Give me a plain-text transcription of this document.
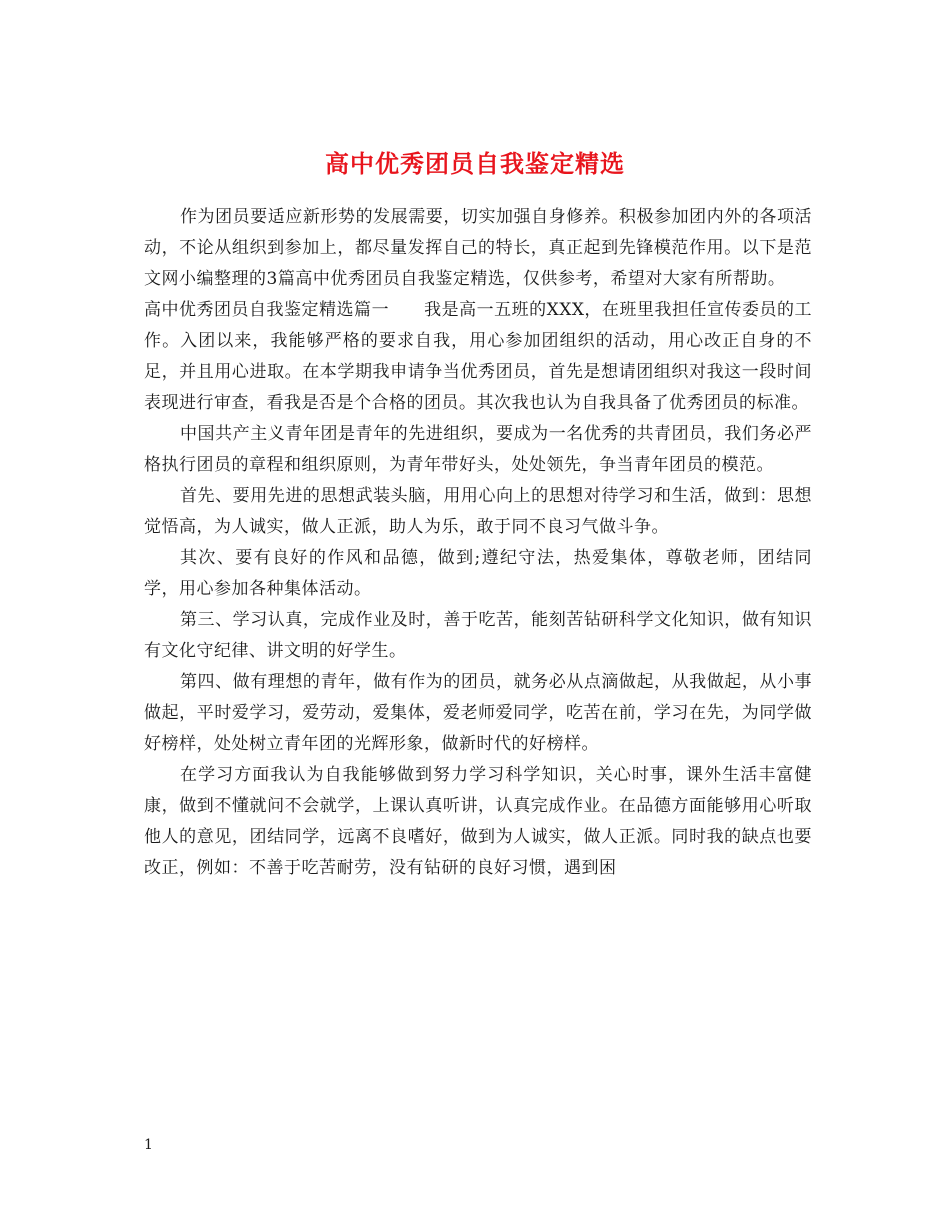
高中优秀团员自我鉴定精选

作为团员要适应新形势的发展需要，切实加强自身修养。积极参加团内外的各项活动，不论从组织到参加上，都尽量发挥自己的特长，真正起到先锋模范作用。以下是范文网小编整理的3篇高中优秀团员自我鉴定精选，仅供参考，希望对大家有所帮助。

高中优秀团员自我鉴定精选篇一　　我是高一五班的XXX，在班里我担任宣传委员的工作。入团以来，我能够严格的要求自我，用心参加团组织的活动，用心改正自身的不足，并且用心进取。在本学期我申请争当优秀团员，首先是想请团组织对我这一段时间表现进行审查，看我是否是个合格的团员。其次我也认为自我具备了优秀团员的标准。

中国共产主义青年团是青年的先进组织，要成为一名优秀的共青团员，我们务必严格执行团员的章程和组织原则，为青年带好头，处处领先，争当青年团员的模范。

首先、要用先进的思想武装头脑，用用心向上的思想对待学习和生活，做到：思想觉悟高，为人诚实，做人正派，助人为乐，敢于同不良习气做斗争。

其次、要有良好的作风和品德，做到;遵纪守法，热爱集体，尊敬老师，团结同学，用心参加各种集体活动。

第三、学习认真，完成作业及时，善于吃苦，能刻苦钻研科学文化知识，做有知识有文化守纪律、讲文明的好学生。

第四、做有理想的青年，做有作为的团员，就务必从点滴做起，从我做起，从小事做起，平时爱学习，爱劳动，爱集体，爱老师爱同学，吃苦在前，学习在先，为同学做好榜样，处处树立青年团的光辉形象，做新时代的好榜样。

在学习方面我认为自我能够做到努力学习科学知识，关心时事，课外生活丰富健康，做到不懂就问不会就学，上课认真听讲，认真完成作业。在品德方面能够用心听取他人的意见，团结同学，远离不良嗜好，做到为人诚实，做人正派。同时我的缺点也要改正，例如：不善于吃苦耐劳，没有钻研的良好习惯，遇到困

1
